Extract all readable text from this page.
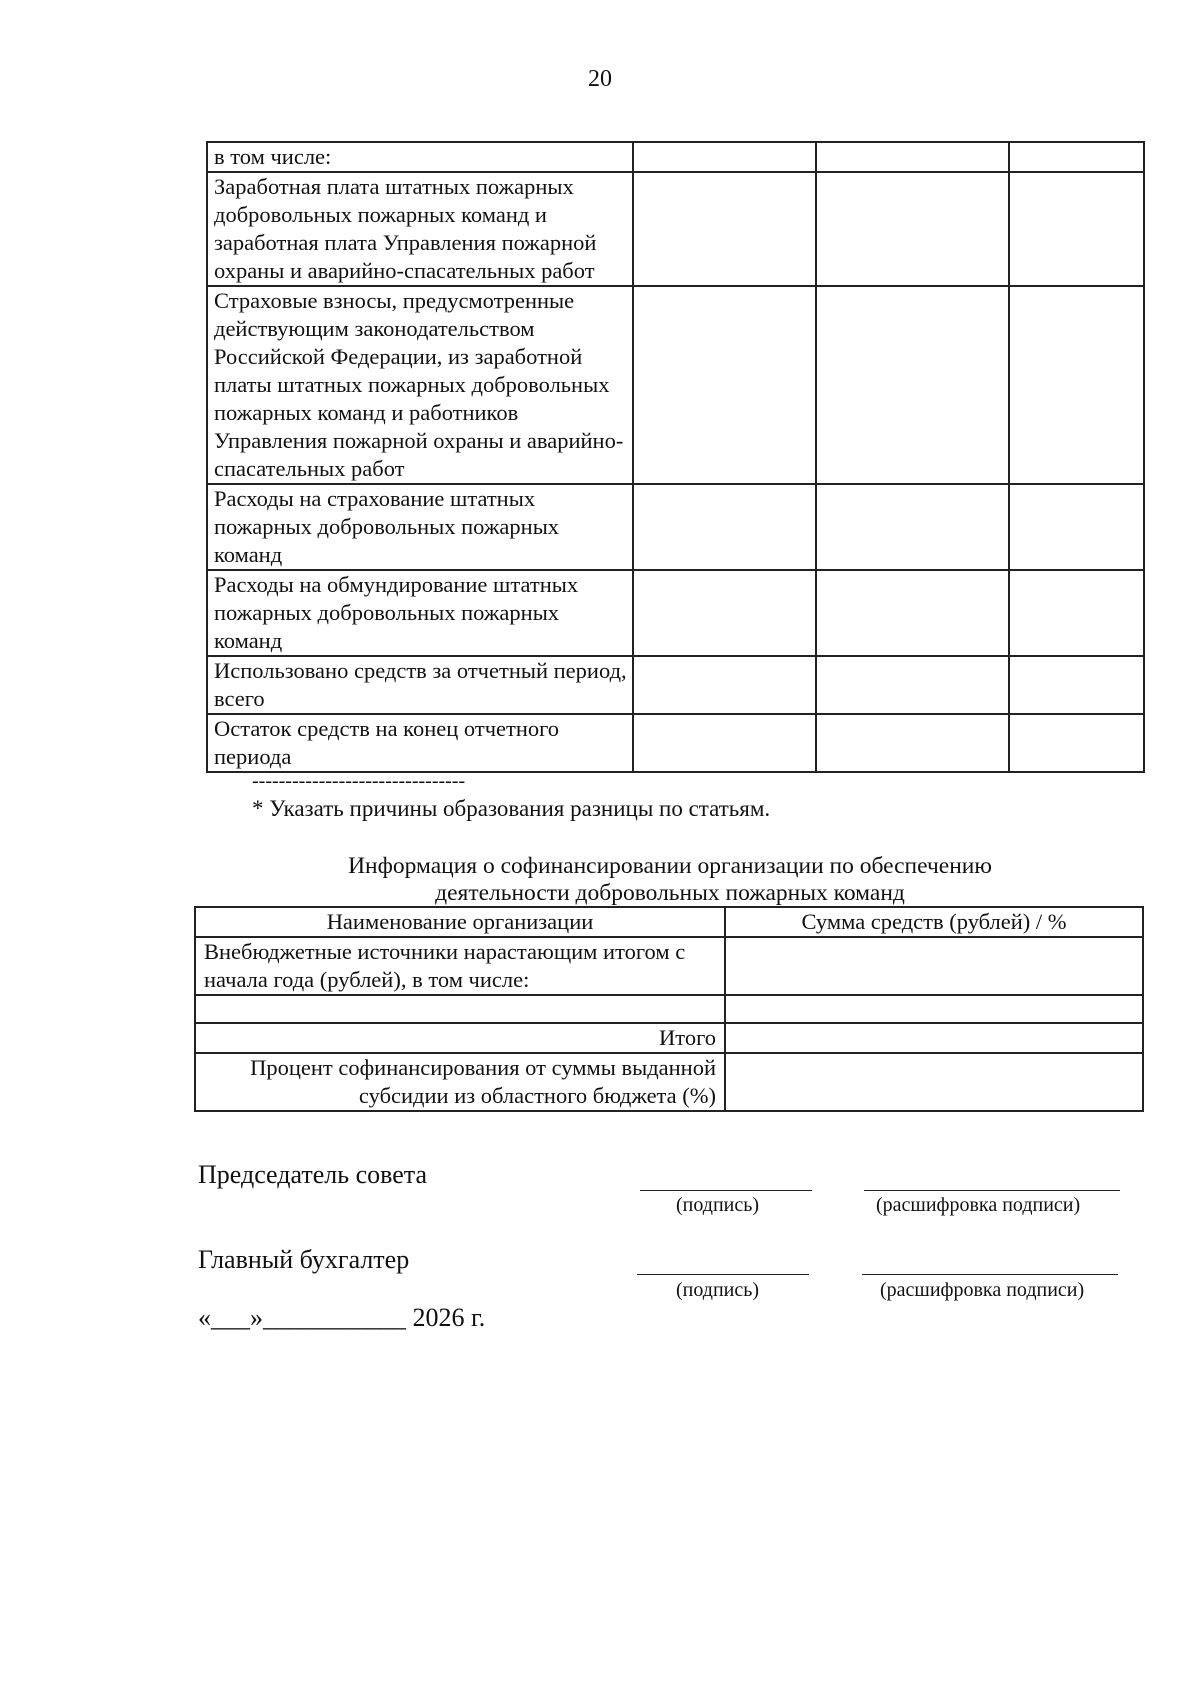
20
в том числе:			
Заработная плата штатных пожарных добровольных пожарных команд и заработная плата Управления пожарной охраны и аварийно-спасательных работ			
Страховые взносы, предусмотренные действующим законодательством Российской Федерации, из заработной платы штатных пожарных добровольных пожарных команд и работников Управления пожарной охраны и аварийно-спасательных работ			
Расходы на страхование штатных пожарных добровольных пожарных команд			
Расходы на обмундирование штатных пожарных добровольных пожарных команд			
Использовано средств за отчетный период, всего			
Остаток средств на конец отчетного периода			
--------------------------------
* Указать причины образования разницы по статьям.
Информация о софинансировании организации по обеспечению
деятельности добровольных пожарных команд
Наименование организации	Сумма средств (рублей) / %
Внебюджетные источники нарастающим итогом с начала года (рублей), в том числе:	

Итого	
Процент софинансирования от суммы выданной субсидии из областного бюджета (%)	
Председатель совета
(подпись)	(расшифровка подписи)
Главный бухгалтер
(подпись)	(расшифровка подписи)
«___»___________ 2026 г.
